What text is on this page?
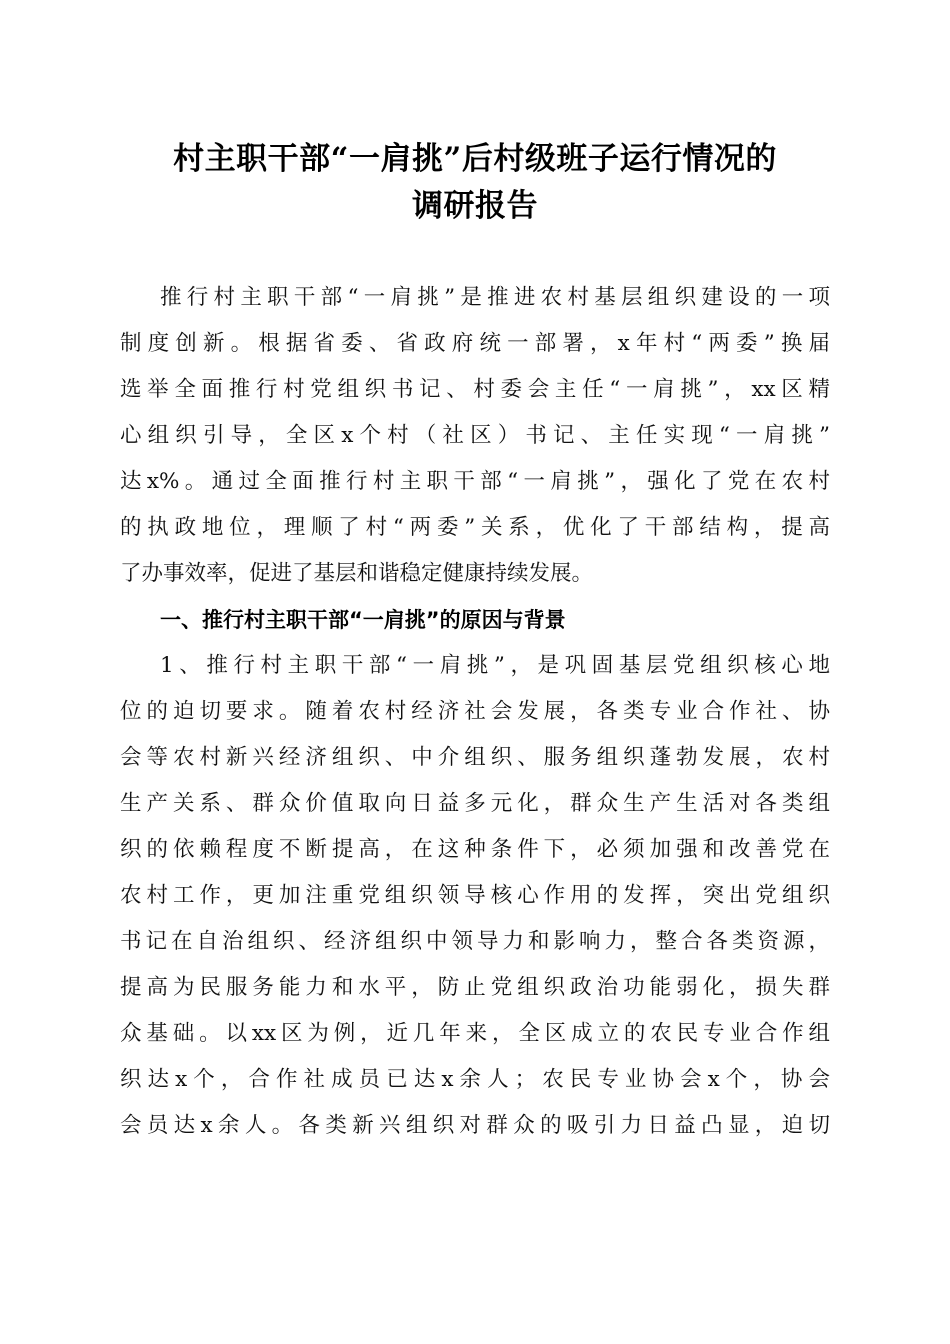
村主职干部“一肩挑”后村级班子运行情况的
调研报告
推行村主职干部“一肩挑”是推进农村基层组织建设的一项
制度创新。根据省委、省政府统一部署，x年村“两委”换届
选举全面推行村党组织书记、村委会主任“一肩挑”，xx区精
心组织引导，全区x个村（社区）书记、主任实现“一肩挑”
达x%。通过全面推行村主职干部“一肩挑”，强化了党在农村
的执政地位，理顺了村“两委”关系，优化了干部结构，提高
了办事效率，促进了基层和谐稳定健康持续发展。
一、推行村主职干部“一肩挑”的原因与背景
1、推行村主职干部“一肩挑”，是巩固基层党组织核心地
位的迫切要求。随着农村经济社会发展，各类专业合作社、协
会等农村新兴经济组织、中介组织、服务组织蓬勃发展，农村
生产关系、群众价值取向日益多元化，群众生产生活对各类组
织的依赖程度不断提高，在这种条件下，必须加强和改善党在
农村工作，更加注重党组织领导核心作用的发挥，突出党组织
书记在自治组织、经济组织中领导力和影响力，整合各类资源，
提高为民服务能力和水平，防止党组织政治功能弱化，损失群
众基础。以xx区为例，近几年来，全区成立的农民专业合作组
织达x个，合作社成员已达x余人；农民专业协会x个，协会
会员达x余人。各类新兴组织对群众的吸引力日益凸显，迫切
